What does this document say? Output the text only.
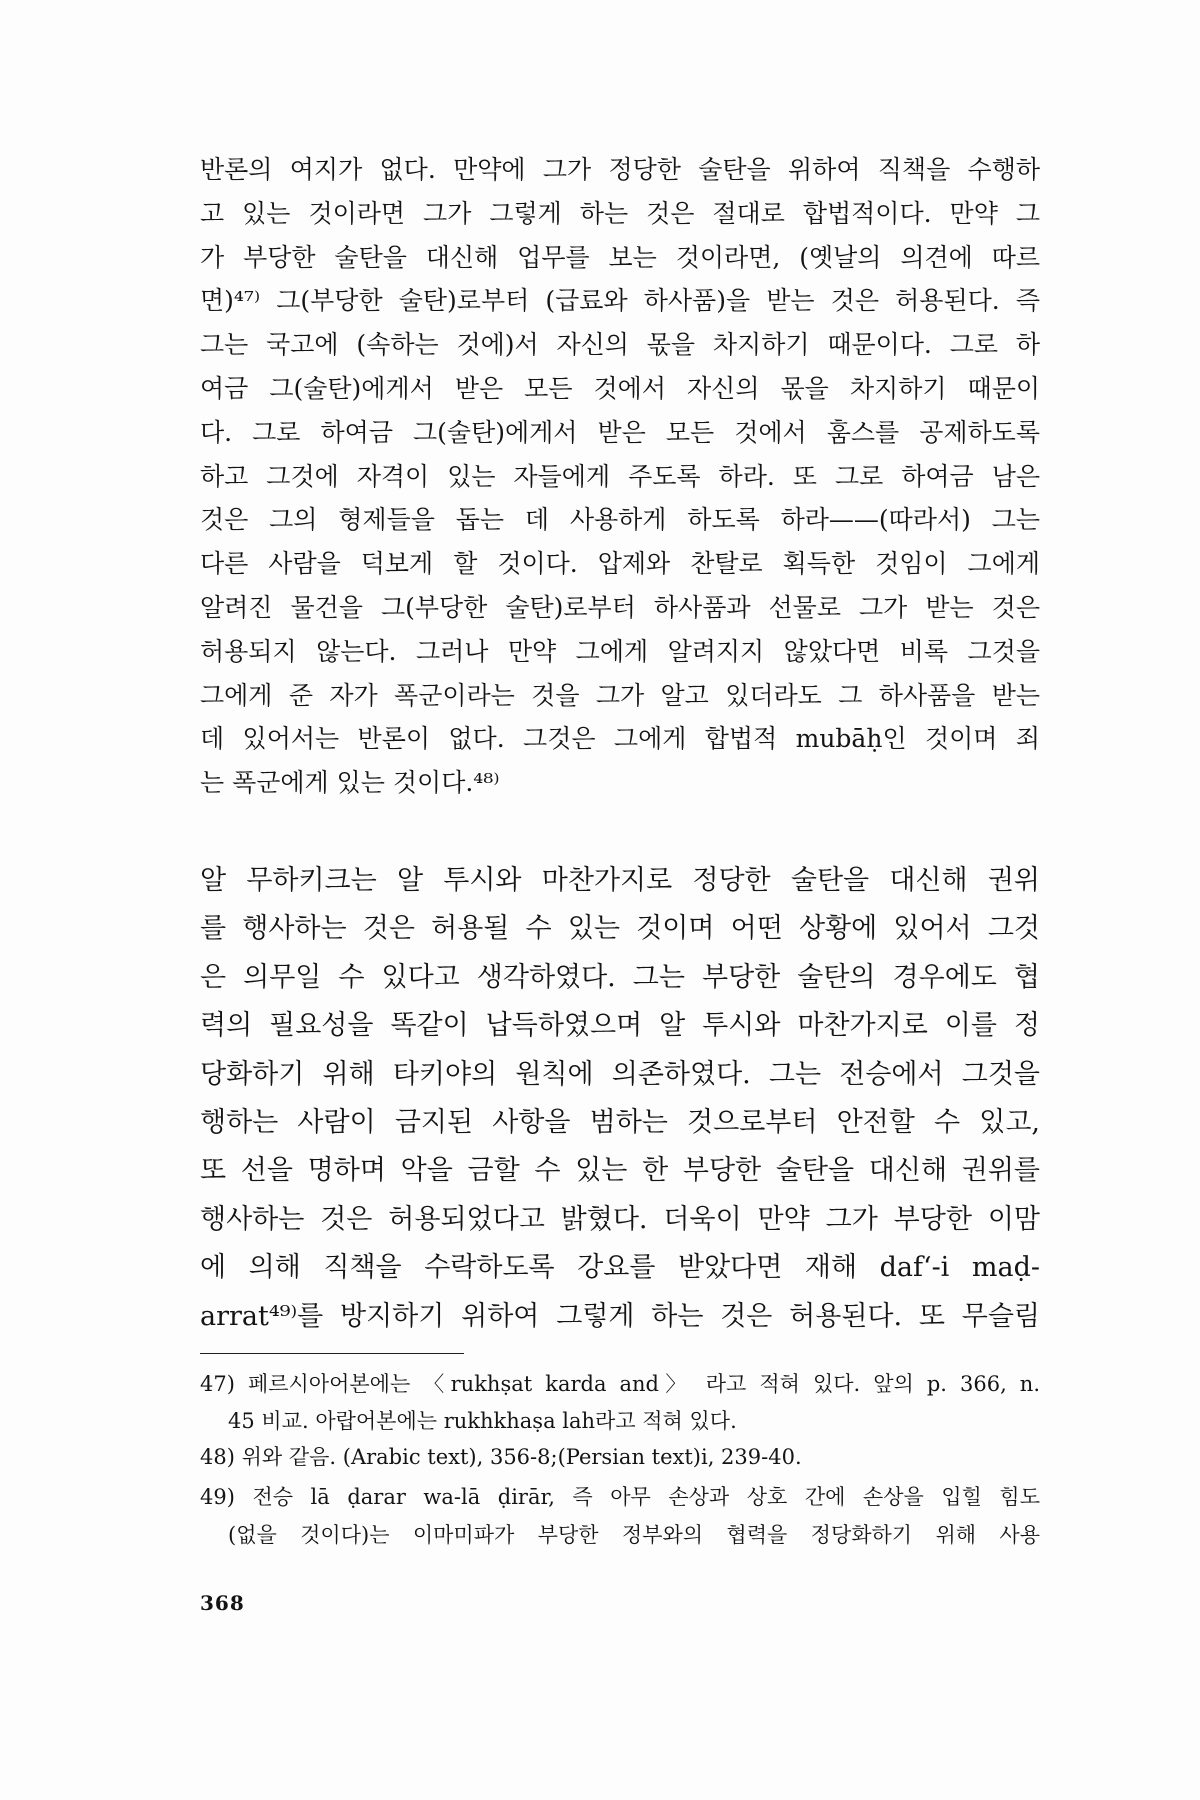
반론의 여지가 없다. 만약에 그가 정당한 술탄을 위하여 직책을 수행하

고 있는 것이라면 그가 그렇게 하는 것은 절대로 합법적이다. 만약 그

가 부당한 술탄을 대신해 업무를 보는 것이라면, (옛날의 의견에 따르

면)⁴⁷⁾ 그(부당한 술탄)로부터 (급료와 하사품)을 받는 것은 허용된다. 즉

그는 국고에 (속하는 것에)서 자신의 몫을 차지하기 때문이다. 그로 하

여금 그(술탄)에게서 받은 모든 것에서 자신의 몫을 차지하기 때문이

다. 그로 하여금 그(술탄)에게서 받은 모든 것에서 훔스를 공제하도록

하고 그것에 자격이 있는 자들에게 주도록 하라. 또 그로 하여금 남은

것은 그의 형제들을 돕는 데 사용하게 하도록 하라——(따라서) 그는

다른 사람을 덕보게 할 것이다. 압제와 찬탈로 획득한 것임이 그에게

알려진 물건을 그(부당한 술탄)로부터 하사품과 선물로 그가 받는 것은

허용되지 않는다. 그러나 만약 그에게 알려지지 않았다면 비록 그것을

그에게 준 자가 폭군이라는 것을 그가 알고 있더라도 그 하사품을 받는

데 있어서는 반론이 없다. 그것은 그에게 합법적 mubāḥ인 것이며 죄

는 폭군에게 있는 것이다.⁴⁸⁾

알 무하키크는 알 투시와 마찬가지로 정당한 술탄을 대신해 권위

를 행사하는 것은 허용될 수 있는 것이며 어떤 상황에 있어서 그것

은 의무일 수 있다고 생각하였다. 그는 부당한 술탄의 경우에도 협

력의 필요성을 똑같이 납득하였으며 알 투시와 마찬가지로 이를 정

당화하기 위해 타키야의 원칙에 의존하였다. 그는 전승에서 그것을

행하는 사람이 금지된 사항을 범하는 것으로부터 안전할 수 있고,

또 선을 명하며 악을 금할 수 있는 한 부당한 술탄을 대신해 권위를

행사하는 것은 허용되었다고 밝혔다. 더욱이 만약 그가 부당한 이맘

에 의해 직책을 수락하도록 강요를 받았다면 재해 daf‘-i maḍ-

arrat⁴⁹⁾를 방지하기 위하여 그렇게 하는 것은 허용된다. 또 무슬림

47) 페르시아어본에는 〈rukhṣat karda and〉 라고 적혀 있다. 앞의 p. 366, n.

45 비교. 아랍어본에는 rukhkhaṣa lah라고 적혀 있다.

48) 위와 같음. (Arabic text), 356-8;(Persian text)i, 239-40.

49) 전승 lā ḍarar wa-lā ḍirār, 즉 아무 손상과 상호 간에 손상을 입힐 힘도

(없을 것이다)는 이마미파가 부당한 정부와의 협력을 정당화하기 위해 사용

368
